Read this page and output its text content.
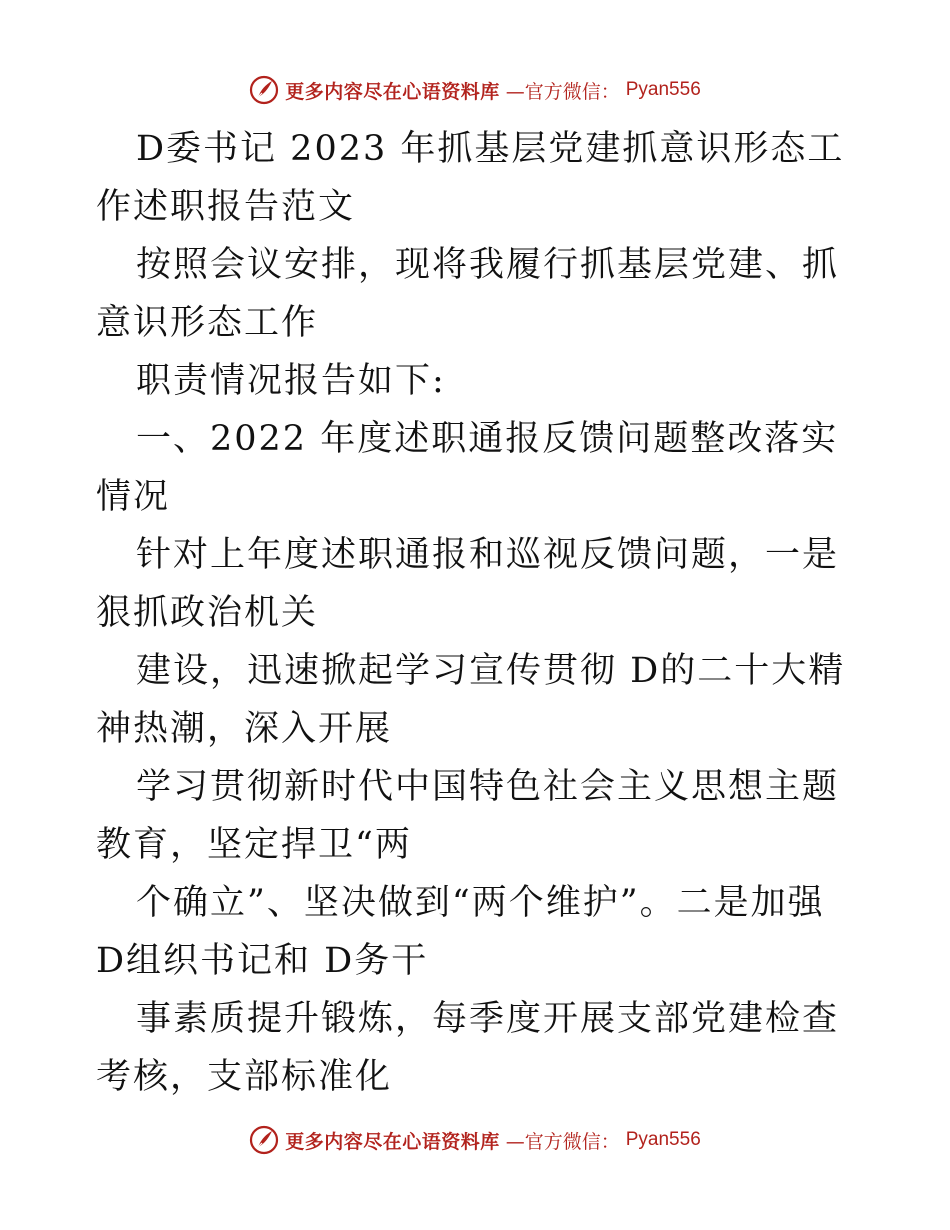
更多内容尽在心语资料库 —官方微信： Pyan556

D委书记 2023 年抓基层党建抓意识形态工作述职报告范文

按照会议安排，现将我履行抓基层党建、抓意识形态工作

职责情况报告如下:

一、2022 年度述职通报反馈问题整改落实情况

针对上年度述职通报和巡视反馈问题，一是狠抓政治机关

建设，迅速掀起学习宣传贯彻 D的二十大精神热潮，深入开展

学习贯彻新时代中国特色社会主义思想主题教育，坚定捍卫“两

个确立”、坚决做到“两个维护”。二是加强 D组织书记和 D务干

事素质提升锻炼，每季度开展支部党建检查考核，支部标准化

更多内容尽在心语资料库 —官方微信： Pyan556
